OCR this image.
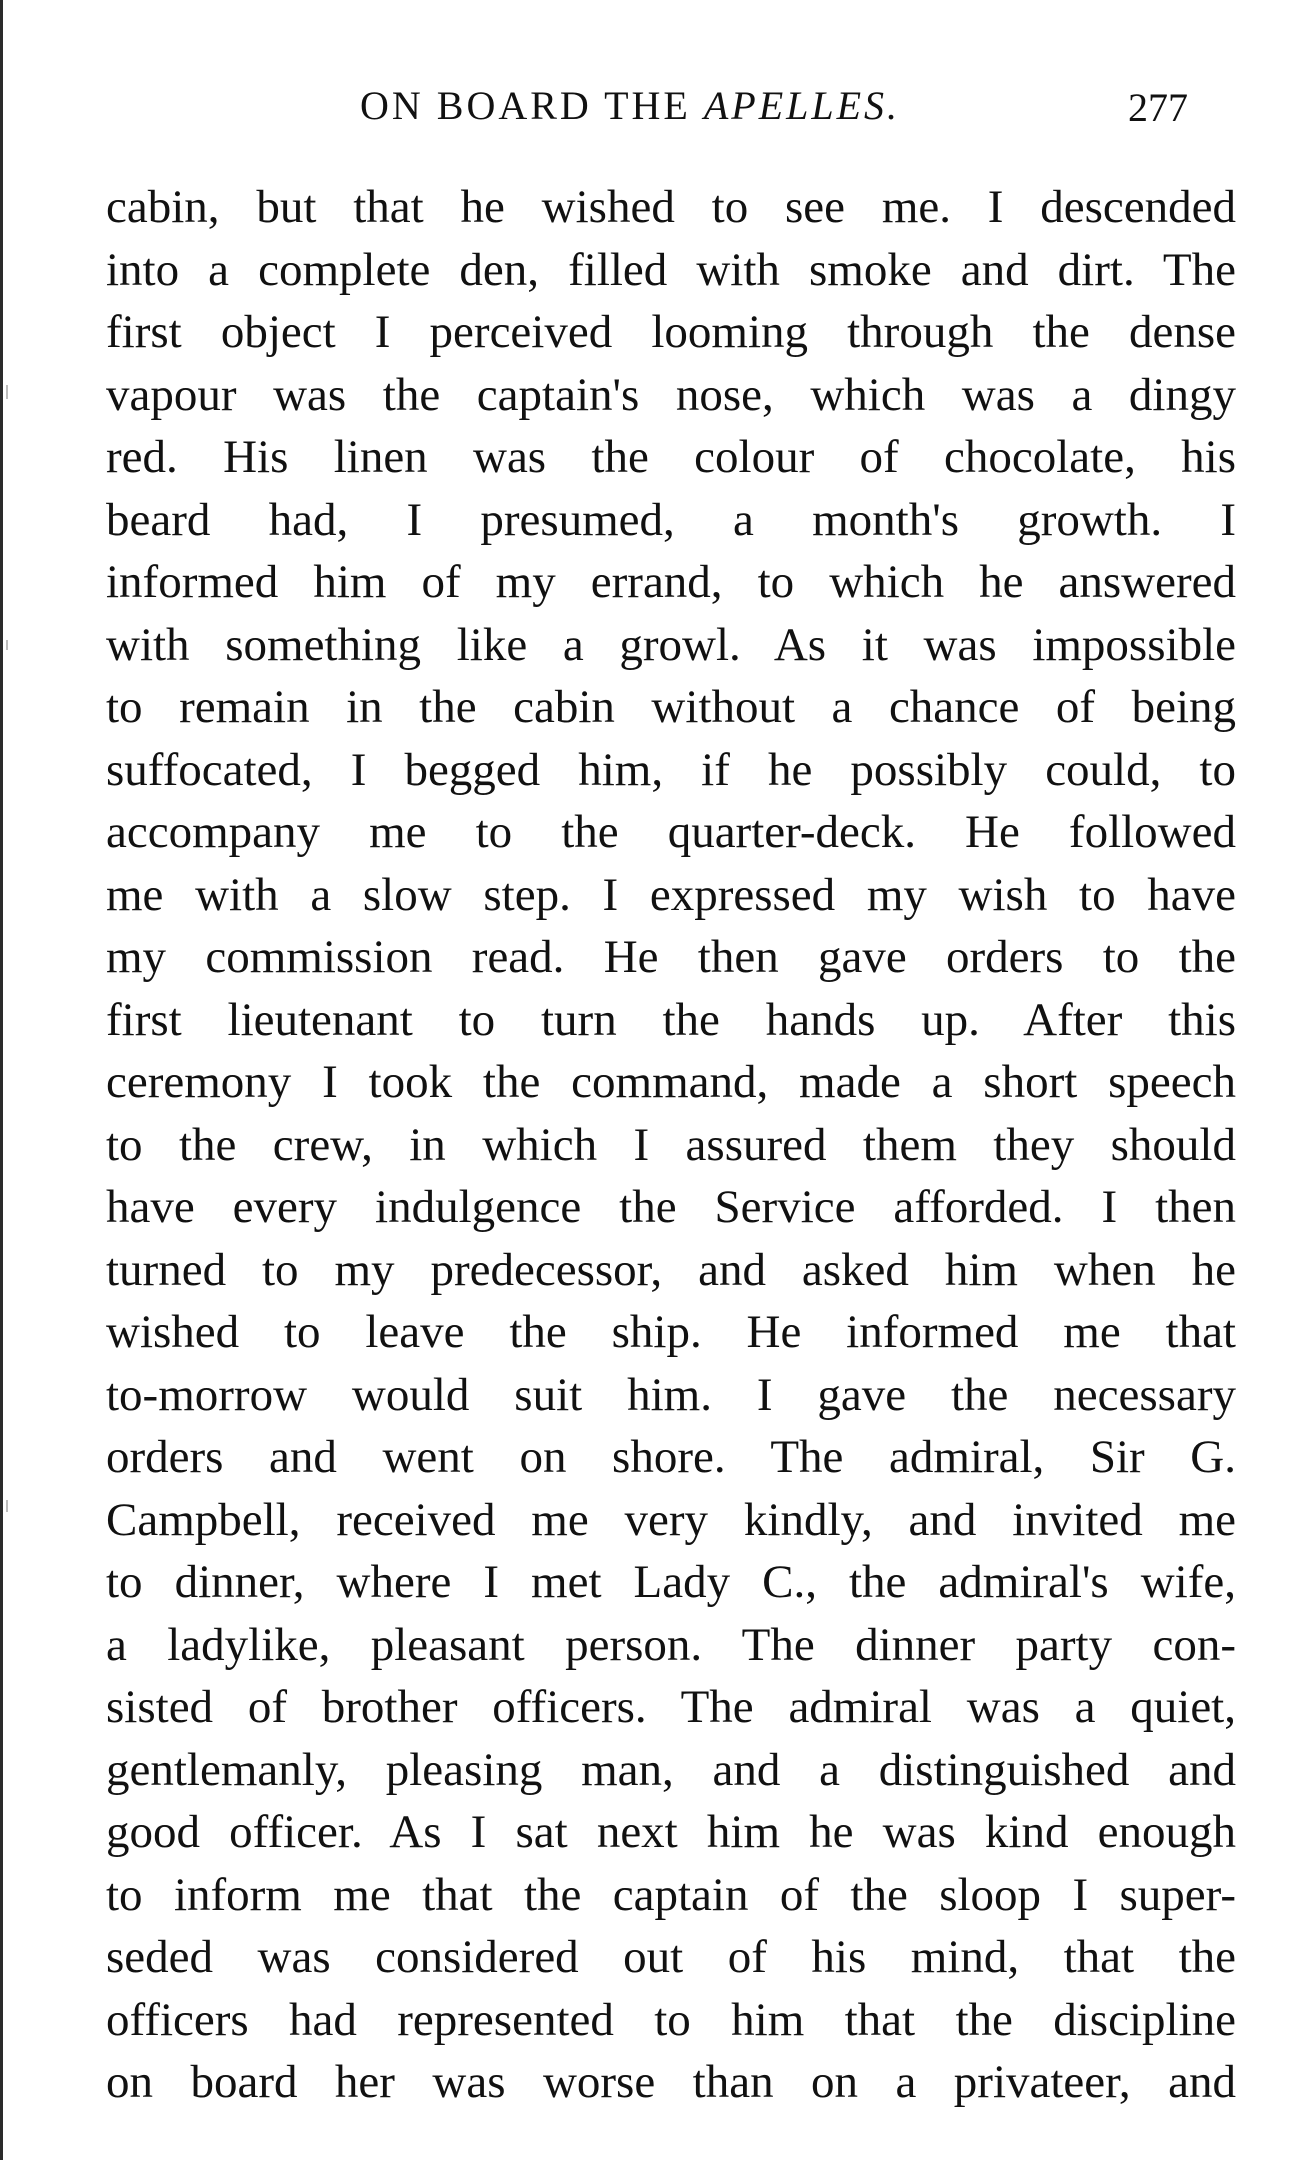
ON BOARD THE APELLES.	277
cabin, but that he wished to see me. I descended
into a complete den, filled with smoke and dirt. The
first object I perceived looming through the dense
vapour was the captain's nose, which was a dingy
red. His linen was the colour of chocolate, his
beard had, I presumed, a month's growth. I
informed him of my errand, to which he answered
with something like a growl. As it was impossible
to remain in the cabin without a chance of being
suffocated, I begged him, if he possibly could, to
accompany me to the quarter-deck. He followed
me with a slow step. I expressed my wish to have
my commission read. He then gave orders to the
first lieutenant to turn the hands up. After this
ceremony I took the command, made a short speech
to the crew, in which I assured them they should
have every indulgence the Service afforded. I then
turned to my predecessor, and asked him when he
wished to leave the ship. He informed me that
to-morrow would suit him. I gave the necessary
orders and went on shore. The admiral, Sir G.
Campbell, received me very kindly, and invited me
to dinner, where I met Lady C., the admiral's wife,
a ladylike, pleasant person. The dinner party con-
sisted of brother officers. The admiral was a quiet,
gentlemanly, pleasing man, and a distinguished and
good officer. As I sat next him he was kind enough
to inform me that the captain of the sloop I super-
seded was considered out of his mind, that the
officers had represented to him that the discipline
on board her was worse than on a privateer, and
